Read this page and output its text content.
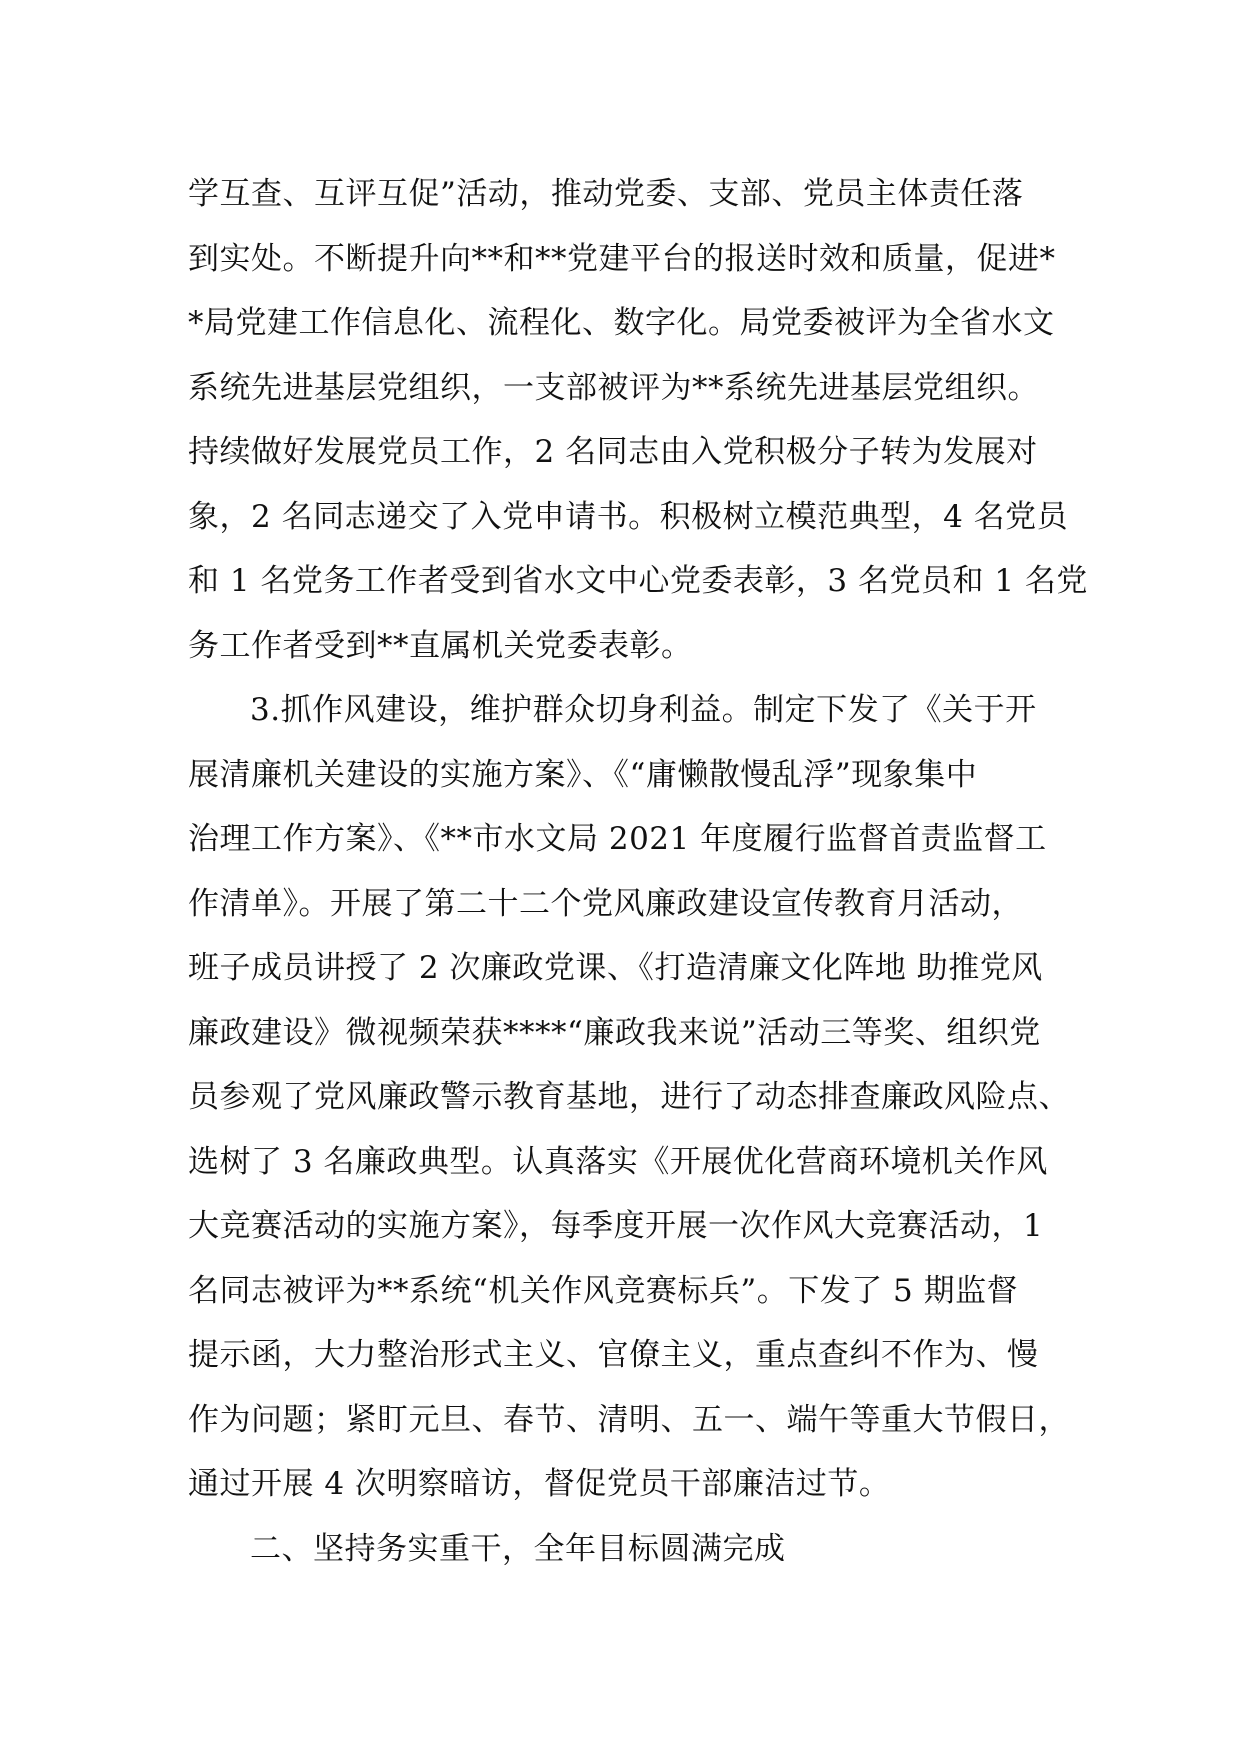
学互查、互评互促”活动，推动党委、支部、党员主体责任落
到实处。不断提升向**和**党建平台的报送时效和质量，促进*
*局党建工作信息化、流程化、数字化。局党委被评为全省水文
系统先进基层党组织，一支部被评为**系统先进基层党组织。
持续做好发展党员工作，2 名同志由入党积极分子转为发展对
象，2 名同志递交了入党申请书。积极树立模范典型，4 名党员
和 1 名党务工作者受到省水文中心党委表彰，3 名党员和 1 名党
务工作者受到**直属机关党委表彰。
3.抓作风建设，维护群众切身利益。制定下发了《关于开
展清廉机关建设的实施方案》、《“庸懒散慢乱浮”现象集中
治理工作方案》、《**市水文局 2021 年度履行监督首责监督工
作清单》。开展了第二十二个党风廉政建设宣传教育月活动，
班子成员讲授了 2 次廉政党课、《打造清廉文化阵地 助推党风
廉政建设》微视频荣获****“廉政我来说”活动三等奖、组织党
员参观了党风廉政警示教育基地，进行了动态排查廉政风险点、
选树了 3 名廉政典型。认真落实《开展优化营商环境机关作风
大竞赛活动的实施方案》，每季度开展一次作风大竞赛活动，1
名同志被评为**系统“机关作风竞赛标兵”。下发了 5 期监督
提示函，大力整治形式主义、官僚主义，重点查纠不作为、慢
作为问题；紧盯元旦、春节、清明、五一、端午等重大节假日，
通过开展 4 次明察暗访，督促党员干部廉洁过节。
二、坚持务实重干，全年目标圆满完成
